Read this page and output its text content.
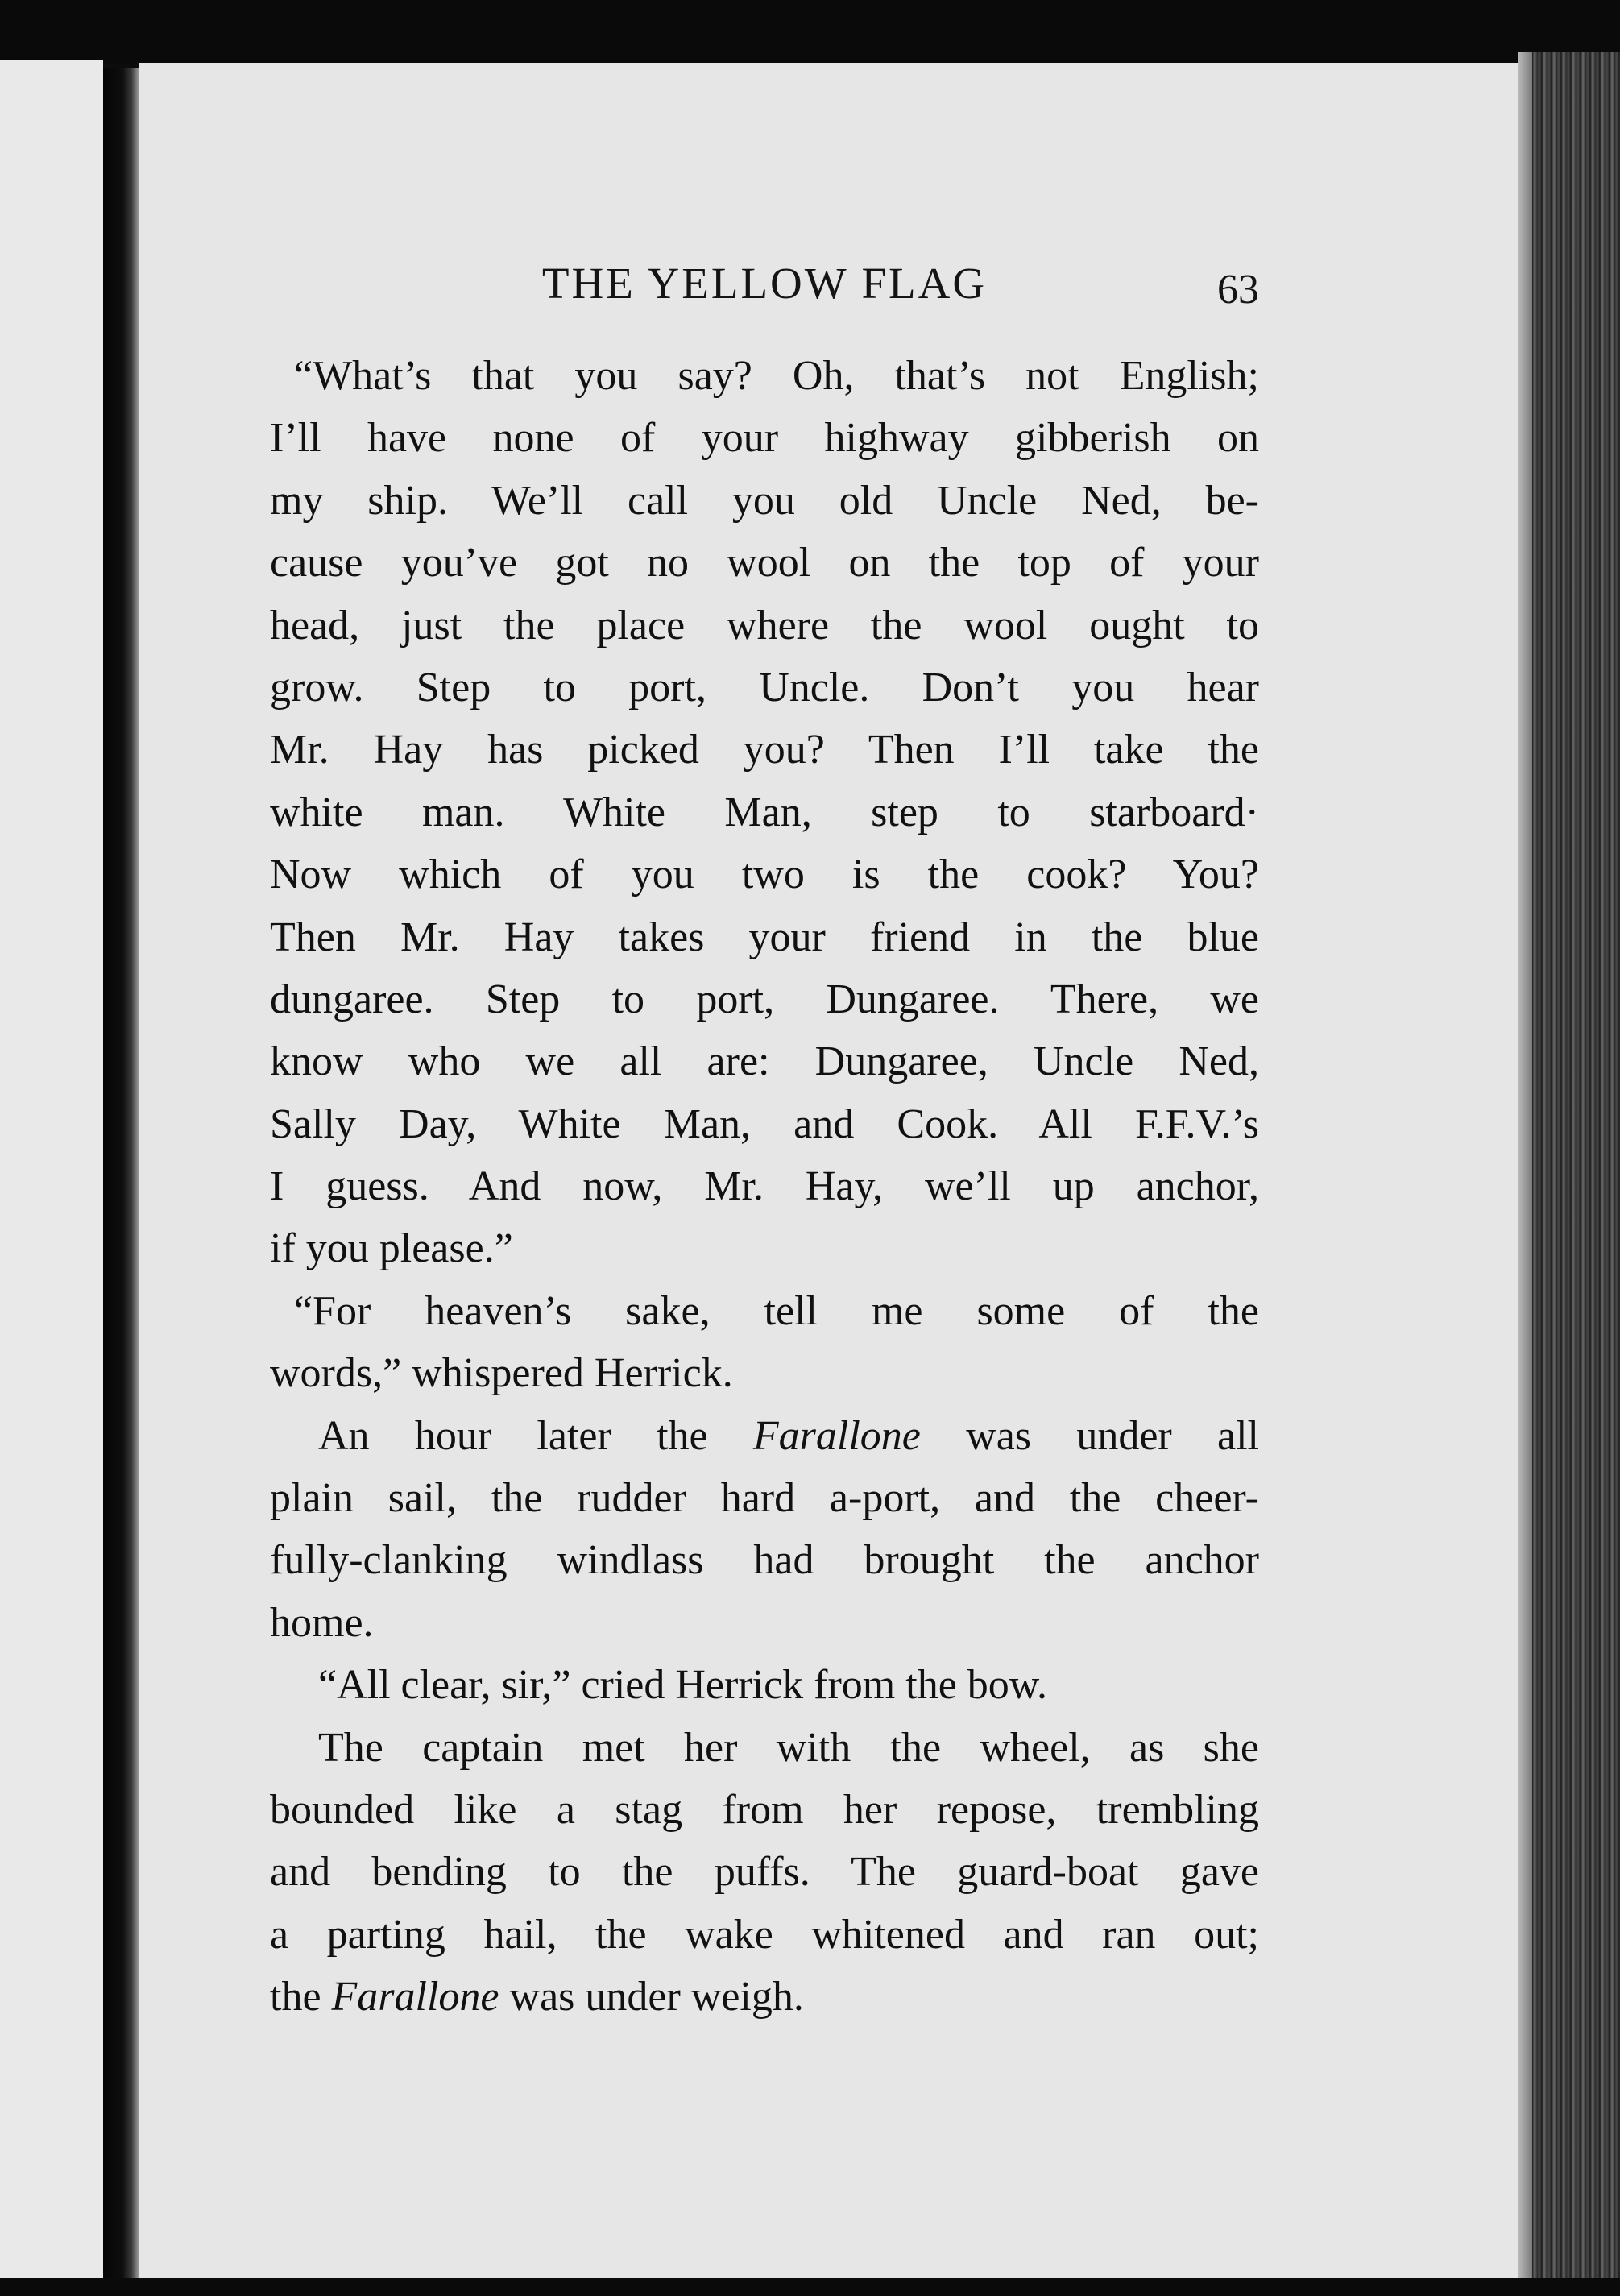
THE YELLOW FLAG	63
“What’s that you say? Oh, that’s not English;
I’ll have none of your highway gibberish on
my ship. We’ll call you old Uncle Ned, be-
cause you’ve got no wool on the top of your
head, just the place where the wool ought to
grow. Step to port, Uncle. Don’t you hear
Mr. Hay has picked you? Then I’ll take the
white man. White Man, step to starboard·
Now which of you two is the cook? You?
Then Mr. Hay takes your friend in the blue
dungaree. Step to port, Dungaree. There, we
know who we all are: Dungaree, Uncle Ned,
Sally Day, White Man, and Cook. All F.F.V.’s
I guess. And now, Mr. Hay, we’ll up anchor,
if you please.”
“For heaven’s sake, tell me some of the
words,” whispered Herrick.
An hour later the Farallone was under all
plain sail, the rudder hard a-port, and the cheer-
fully-clanking windlass had brought the anchor
home.
“All clear, sir,” cried Herrick from the bow.
The captain met her with the wheel, as she
bounded like a stag from her repose, trembling
and bending to the puffs. The guard-boat gave
a parting hail, the wake whitened and ran out;
the Farallone was under weigh.
